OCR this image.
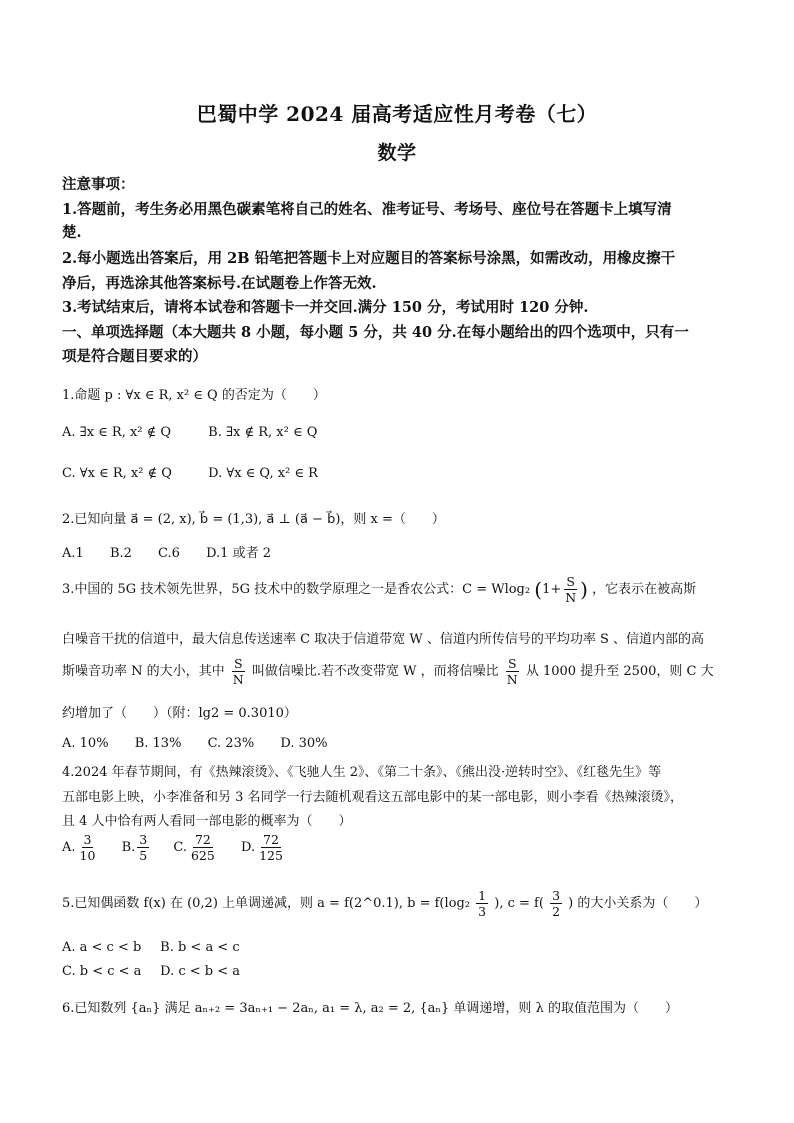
巴蜀中学 2024 届高考适应性月考卷（七）
数学
注意事项：
1.答题前，考生务必用黑色碳素笔将自己的姓名、准考证号、考场号、座位号在答题卡上填写清
楚.
2.每小题选出答案后，用 2B 铅笔把答题卡上对应题目的答案标号涂黑，如需改动，用橡皮擦干
净后，再选涂其他答案标号.在试题卷上作答无效.
3.考试结束后，请将本试卷和答题卡一并交回.满分 150 分，考试用时 120 分钟.
一、单项选择题（本大题共 8 小题，每小题 5 分，共 40 分.在每小题给出的四个选项中，只有一
项是符合题目要求的）
1.命题 p : ∀x ∈ R, x² ∈ Q 的否定为（　　）
A. ∃x ∈ R, x² ∉ Q	B. ∃x ∉ R, x² ∈ Q
C. ∀x ∈ R, x² ∉ Q	D. ∀x ∈ Q, x² ∈ R
2.已知向量 a⃗ = (2, x), b⃗ = (1,3), a⃗ ⊥ (a⃗ − b⃗)，则 x =（　　）
A.1 B.2 C.6 D.1 或者 2
3.中国的 5G 技术领先世界，5G 技术中的数学原理之一是香农公式：C = Wlog₂ ($1+ \frac{S}{N}$ ) ，它表示在被高斯
白噪音干扰的信道中，最大信息传送速率 C 取决于信道带宽 W 、信道内所传信号的平均功率 S 、信道内部的高
斯噪音功率 N 的大小，其中 $\frac{S}{N}$ 叫做信噪比.若不改变带宽 W ，而将信噪比 $\frac{S}{N}$ 从 1000 提升至 2500，则 C 大
约增加了（　　）（附：lg2 = 0.3010）
A. 10% B. 13% C. 23% D. 30%
4.2024 年春节期间，有《热辣滚烫》、《飞驰人生 2》、《第二十条》、《熊出没·逆转时空》、《红毯先生》等
五部电影上映，小李准备和另 3 名同学一行去随机观看这五部电影中的某一部电影，则小李看《热辣滚烫》，
且 4 人中恰有两人看同一部电影的概率为（　　）
A. $\frac{3}{10} B$. $\frac{3}{5} C$. $\frac{72}{625} D$. $\frac{72}{125}$
5.已知偶函数 f(x) 在 (0,2) 上单调递减，则 a = f(2^0.1), $b = f(\log_2 \frac{1}{3}$ ), $c = f( \frac{3}{2}$ ) 的大小关系为（　　）
A. a < c < b B. b < a < c
C. b < c < a D. c < b < a
6.已知数列 {aₙ} 满足 aₙ₊₂ = 3aₙ₊₁ − 2aₙ, a₁ = λ, a₂ = 2, {aₙ} 单调递增，则 λ 的取值范围为（　　）
